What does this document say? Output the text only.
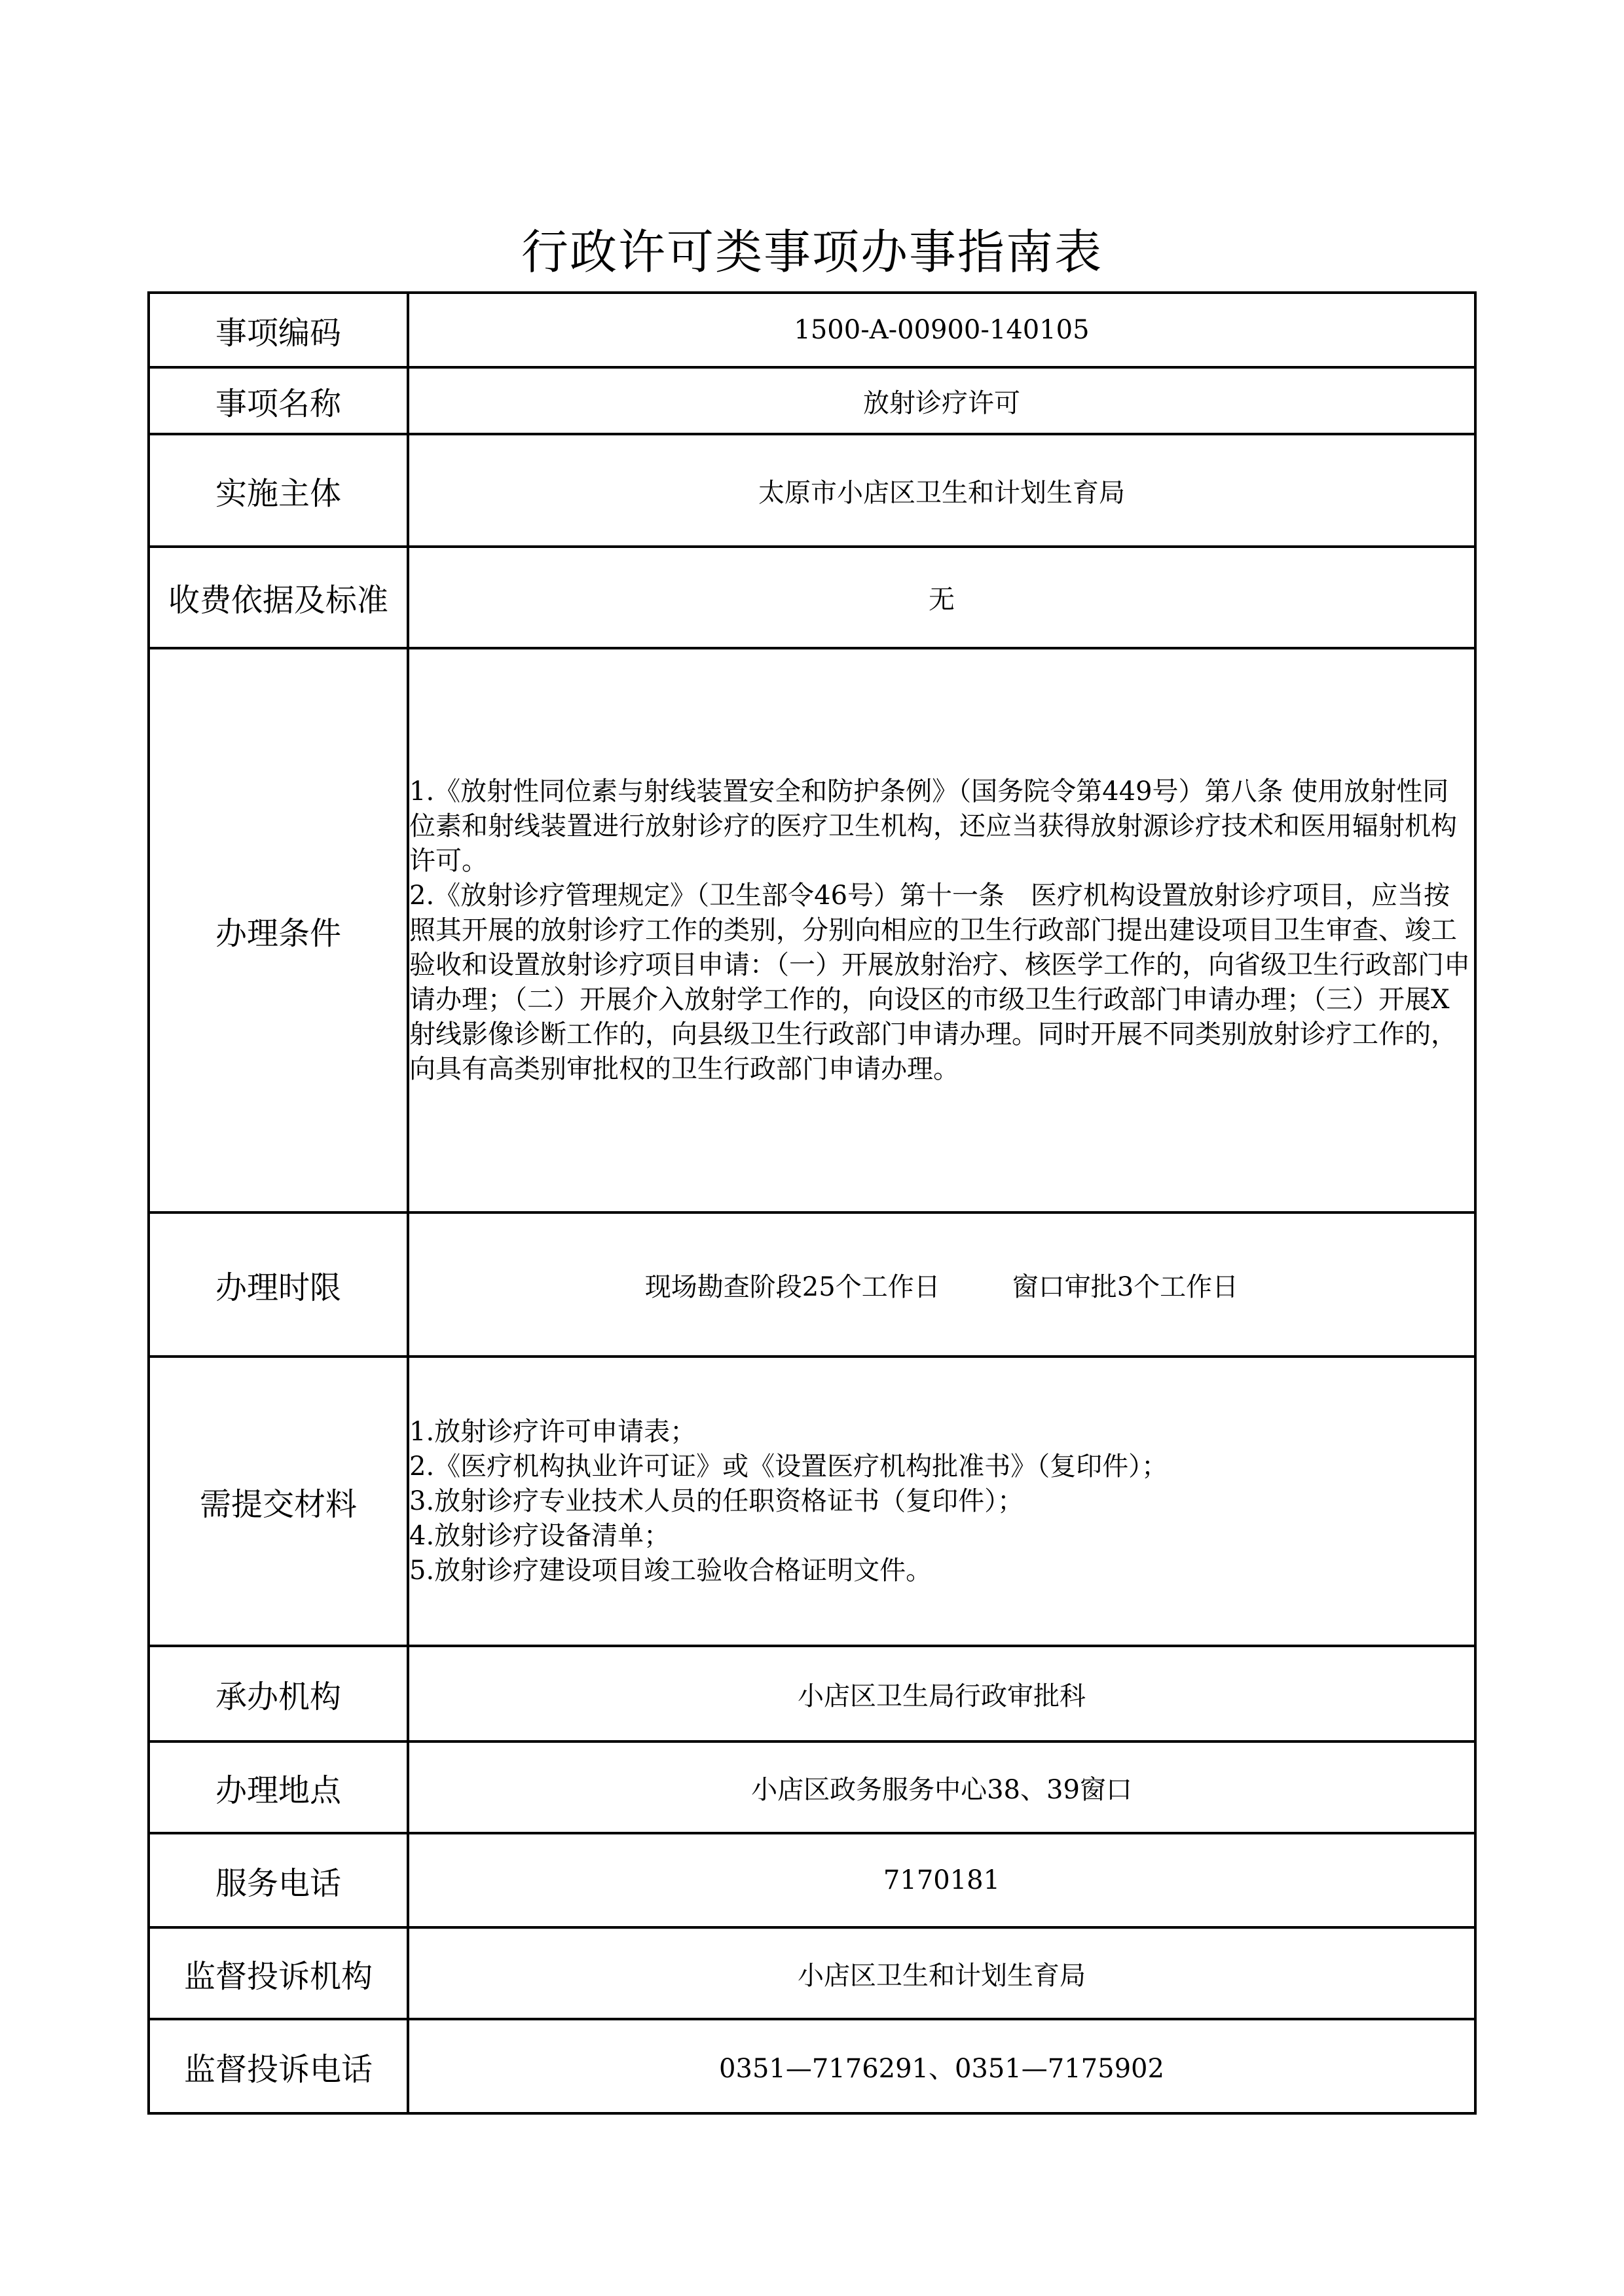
行政许可类事项办事指南表
事项编码	1500-A-00900-140105
事项名称	放射诊疗许可
实施主体	太原市小店区卫生和计划生育局
收费依据及标准	无
办理条件	1.《放射性同位素与射线装置安全和防护条例》（国务院令第449号）第八条 使用放射性同位素和射线装置进行放射诊疗的医疗卫生机构，还应当获得放射源诊疗技术和医用辐射机构许可。
2.《放射诊疗管理规定》（卫生部令46号）第十一条　医疗机构设置放射诊疗项目，应当按照其开展的放射诊疗工作的类别，分别向相应的卫生行政部门提出建设项目卫生审查、竣工验收和设置放射诊疗项目申请：（一）开展放射治疗、核医学工作的，向省级卫生行政部门申请办理；（二）开展介入放射学工作的，向设区的市级卫生行政部门申请办理；（三）开展X射线影像诊断工作的，向县级卫生行政部门申请办理。同时开展不同类别放射诊疗工作的，向具有高类别审批权的卫生行政部门申请办理。

办理时限	现场勘查阶段25个工作日 窗口审批3个工作日
需提交材料	1.放射诊疗许可申请表；
2.《医疗机构执业许可证》或《设置医疗机构批准书》（复印件）；
3.放射诊疗专业技术人员的任职资格证书（复印件）；
4.放射诊疗设备清单；
5.放射诊疗建设项目竣工验收合格证明文件。

承办机构	小店区卫生局行政审批科
办理地点	小店区政务服务中心38、39窗口
服务电话	7170181
监督投诉机构	小店区卫生和计划生育局
监督投诉电话	0351—7176291、0351—7175902
